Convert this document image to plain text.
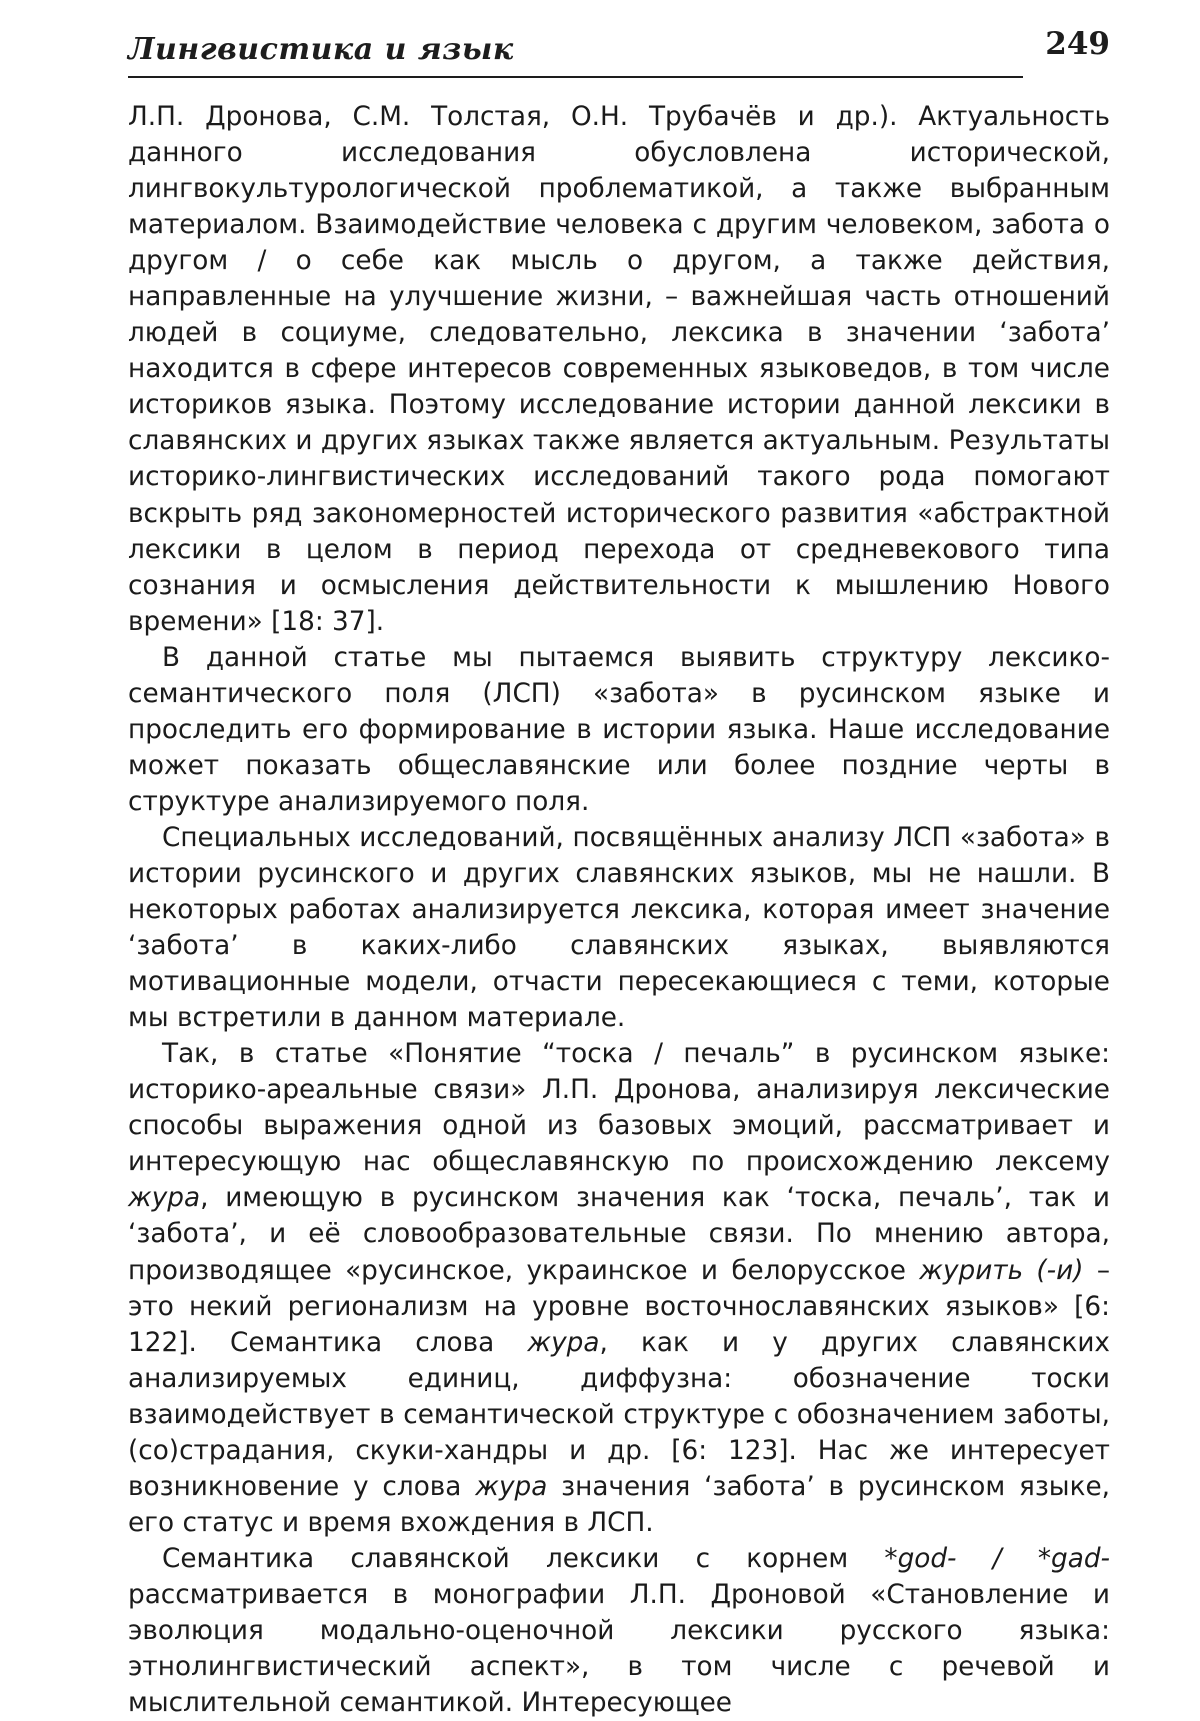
Лингвистика и язык	249

Л.П. Дронова, С.М. Толстая, О.Н. Трубачёв и др.). Актуальность данного исследования обусловлена исторической, лингвокультурологической проблематикой, а также выбранным материалом. Взаимодействие человека с другим человеком, забота о другом / о себе как мысль о другом, а также действия, направленные на улучшение жизни, – важнейшая часть отношений людей в социуме, следовательно, лексика в значении ‘забота’ находится в сфере интересов современных языковедов, в том числе историков языка. Поэтому исследование истории данной лексики в славянских и других языках также является актуальным. Результаты историко-лингвистических исследований такого рода помогают вскрыть ряд закономерностей исторического развития «абстрактной лексики в целом в период перехода от средневекового типа сознания и осмысления действительности к мышлению Нового времени» [18: 37].

В данной статье мы пытаемся выявить структуру лексико-семантического поля (ЛСП) «забота» в русинском языке и проследить его формирование в истории языка. Наше исследование может показать общеславянские или более поздние черты в структуре анализируемого поля.

Специальных исследований, посвящённых анализу ЛСП «забота» в истории русинского и других славянских языков, мы не нашли. В некоторых работах анализируется лексика, которая имеет значение ‘забота’ в каких-либо славянских языках, выявляются мотивационные модели, отчасти пересекающиеся с теми, которые мы встретили в данном материале.

Так, в статье «Понятие “тоска / печаль” в русинском языке: историко-ареальные связи» Л.П. Дронова, анализируя лексические способы выражения одной из базовых эмоций, рассматривает и интересующую нас общеславянскую по происхождению лексему жура, имеющую в русинском значения как ‘тоска, печаль’, так и ‘забота’, и её словообразовательные связи. По мнению автора, производящее «русинское, украинское и белорусское журить (-и) – это некий регионализм на уровне восточнославянских языков» [6: 122]. Семантика слова жура, как и у других славянских анализируемых единиц, диффузна: обозначение тоски взаимодействует в семантической структуре с обозначением заботы, (со)страдания, скуки-хандры и др. [6: 123]. Нас же интересует возникновение у слова жура значения ‘забота’ в русинском языке, его статус и время вхождения в ЛСП.

Семантика славянской лексики с корнем *god- / *gad- рассматривается в монографии Л.П. Дроновой «Становление и эволюция модально-оценочной лексики русского языка: этнолингвистический аспект», в том числе с речевой и мыслительной семантикой. Интересующее
